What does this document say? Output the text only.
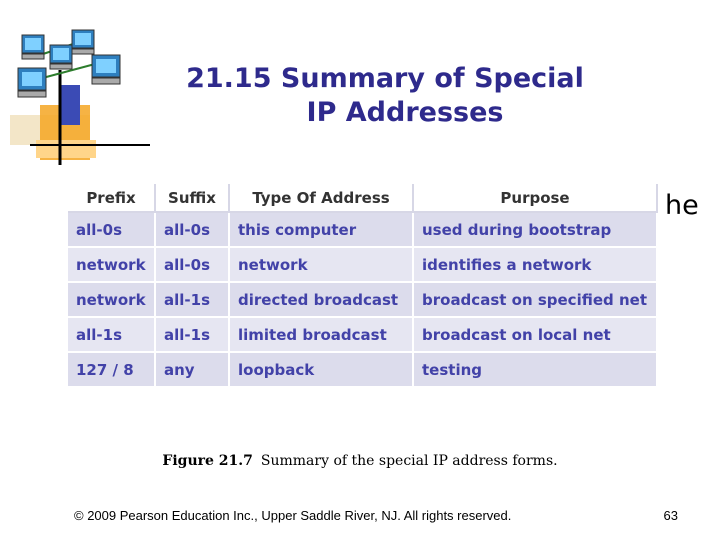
21.15 Summary of Special
IP Addresses
he
Prefix	Suffix	Type Of Address	Purpose
all-0s	all-0s	this computer	used during bootstrap
network	all-0s	network	identifies a network
network	all-1s	directed broadcast	broadcast on specified net
all-1s	all-1s	limited broadcast	broadcast on local net
127 / 8	any	loopback	testing
Figure 21.7 Summary of the special IP address forms.
© 2009 Pearson Education Inc., Upper Saddle River, NJ. All rights reserved.	63
